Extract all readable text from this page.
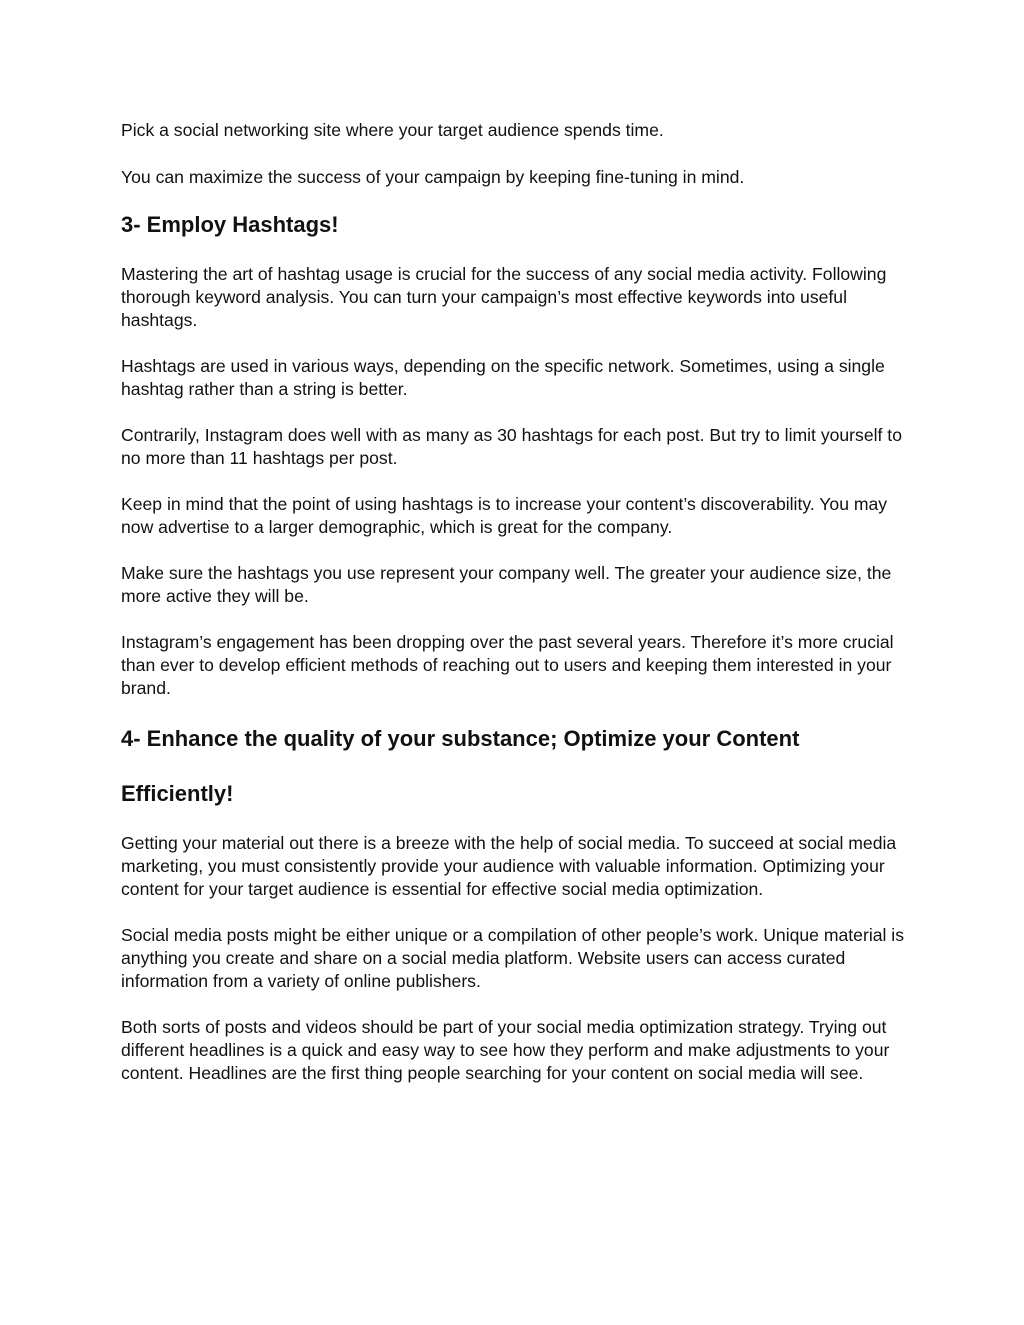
Pick a social networking site where your target audience spends time.

You can maximize the success of your campaign by keeping fine-tuning in mind.

3- Employ Hashtags!

Mastering the art of hashtag usage is crucial for the success of any social media activity. Following thorough keyword analysis. You can turn your campaign’s most effective keywords into useful hashtags.

Hashtags are used in various ways, depending on the specific network. Sometimes, using a single hashtag rather than a string is better.

Contrarily, Instagram does well with as many as 30 hashtags for each post. But try to limit yourself to no more than 11 hashtags per post.

Keep in mind that the point of using hashtags is to increase your content’s discoverability. You may now advertise to a larger demographic, which is great for the company.

Make sure the hashtags you use represent your company well. The greater your audience size, the more active they will be.

Instagram’s engagement has been dropping over the past several years. Therefore it’s more crucial than ever to develop efficient methods of reaching out to users and keeping them interested in your brand.

4- Enhance the quality of your substance; Optimize your Content
Efficiently!

Getting your material out there is a breeze with the help of social media. To succeed at social media marketing, you must consistently provide your audience with valuable information. Optimizing your content for your target audience is essential for effective social media optimization.

Social media posts might be either unique or a compilation of other people’s work. Unique material is anything you create and share on a social media platform. Website users can access curated information from a variety of online publishers.

Both sorts of posts and videos should be part of your social media optimization strategy. Trying out different headlines is a quick and easy way to see how they perform and make adjustments to your content. Headlines are the first thing people searching for your content on social media will see.
